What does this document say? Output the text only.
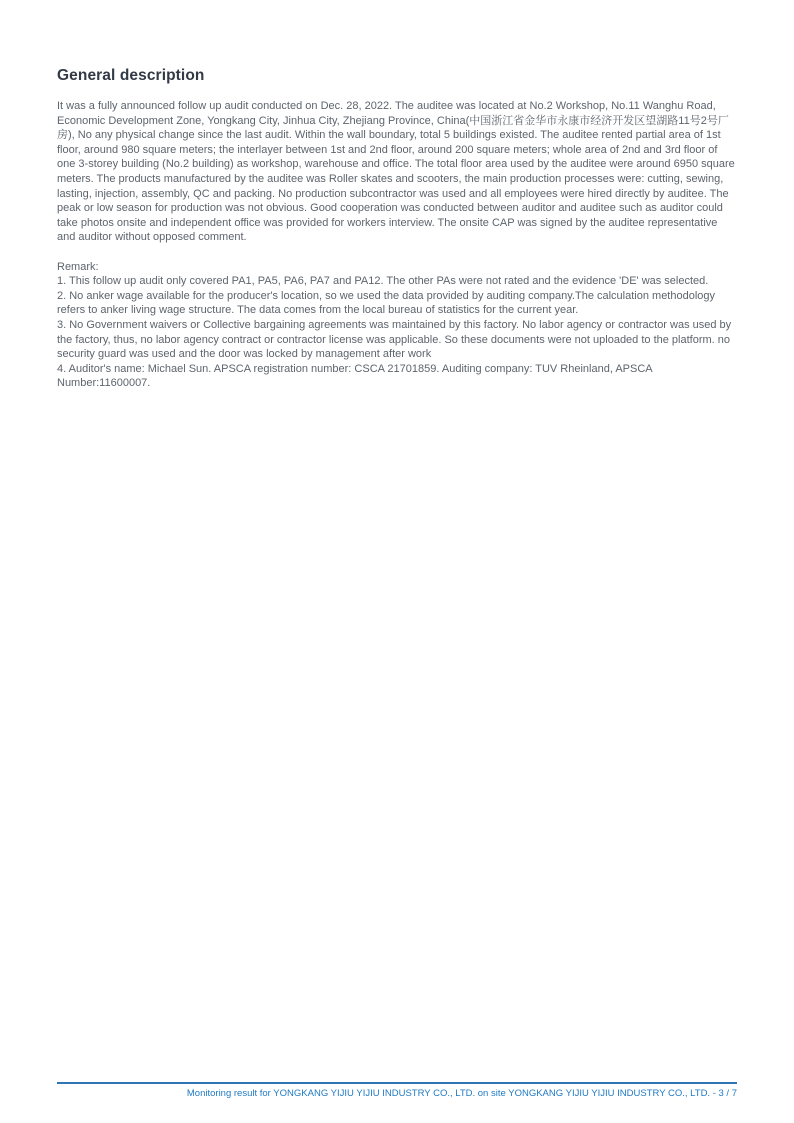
General description

It was a fully announced follow up audit conducted on Dec. 28, 2022. The auditee was located at No.2 Workshop, No.11 Wanghu Road, Economic Development Zone, Yongkang City, Jinhua City, Zhejiang Province, China(中国浙江省金华市永康市经济开发区望湖路11号2号厂房), No any physical change since the last audit. Within the wall boundary, total 5 buildings existed. The auditee rented partial area of 1st floor, around 980 square meters; the interlayer between 1st and 2nd floor, around 200 square meters; whole area of 2nd and 3rd floor of one 3-storey building (No.2 building) as workshop, warehouse and office. The total floor area used by the auditee were around 6950 square meters. The products manufactured by the auditee was Roller skates and scooters, the main production processes were: cutting, sewing, lasting, injection, assembly, QC and packing. No production subcontractor was used and all employees were hired directly by auditee. The peak or low season for production was not obvious. Good cooperation was conducted between auditor and auditee such as auditor could take photos onsite and independent office was provided for workers interview. The onsite CAP was signed by the auditee representative and auditor without opposed comment.

Remark:
1. This follow up audit only covered PA1, PA5, PA6, PA7 and PA12. The other PAs were not rated and the evidence 'DE' was selected.
2. No anker wage available for the producer's location, so we used the data provided by auditing company.The calculation methodology refers to anker living wage structure. The data comes from the local bureau of statistics for the current year.
3. No Government waivers or Collective bargaining agreements was maintained by this factory. No labor agency or contractor was used by the factory, thus, no labor agency contract or contractor license was applicable. So these documents were not uploaded to the platform. no security guard was used and the door was locked by management after work
4. Auditor's name: Michael Sun. APSCA registration number: CSCA 21701859. Auditing company: TUV Rheinland, APSCA Number:11600007.
Monitoring result for YONGKANG YIJIU YIJIU INDUSTRY CO., LTD. on site YONGKANG YIJIU YIJIU INDUSTRY CO., LTD. - 3 / 7
